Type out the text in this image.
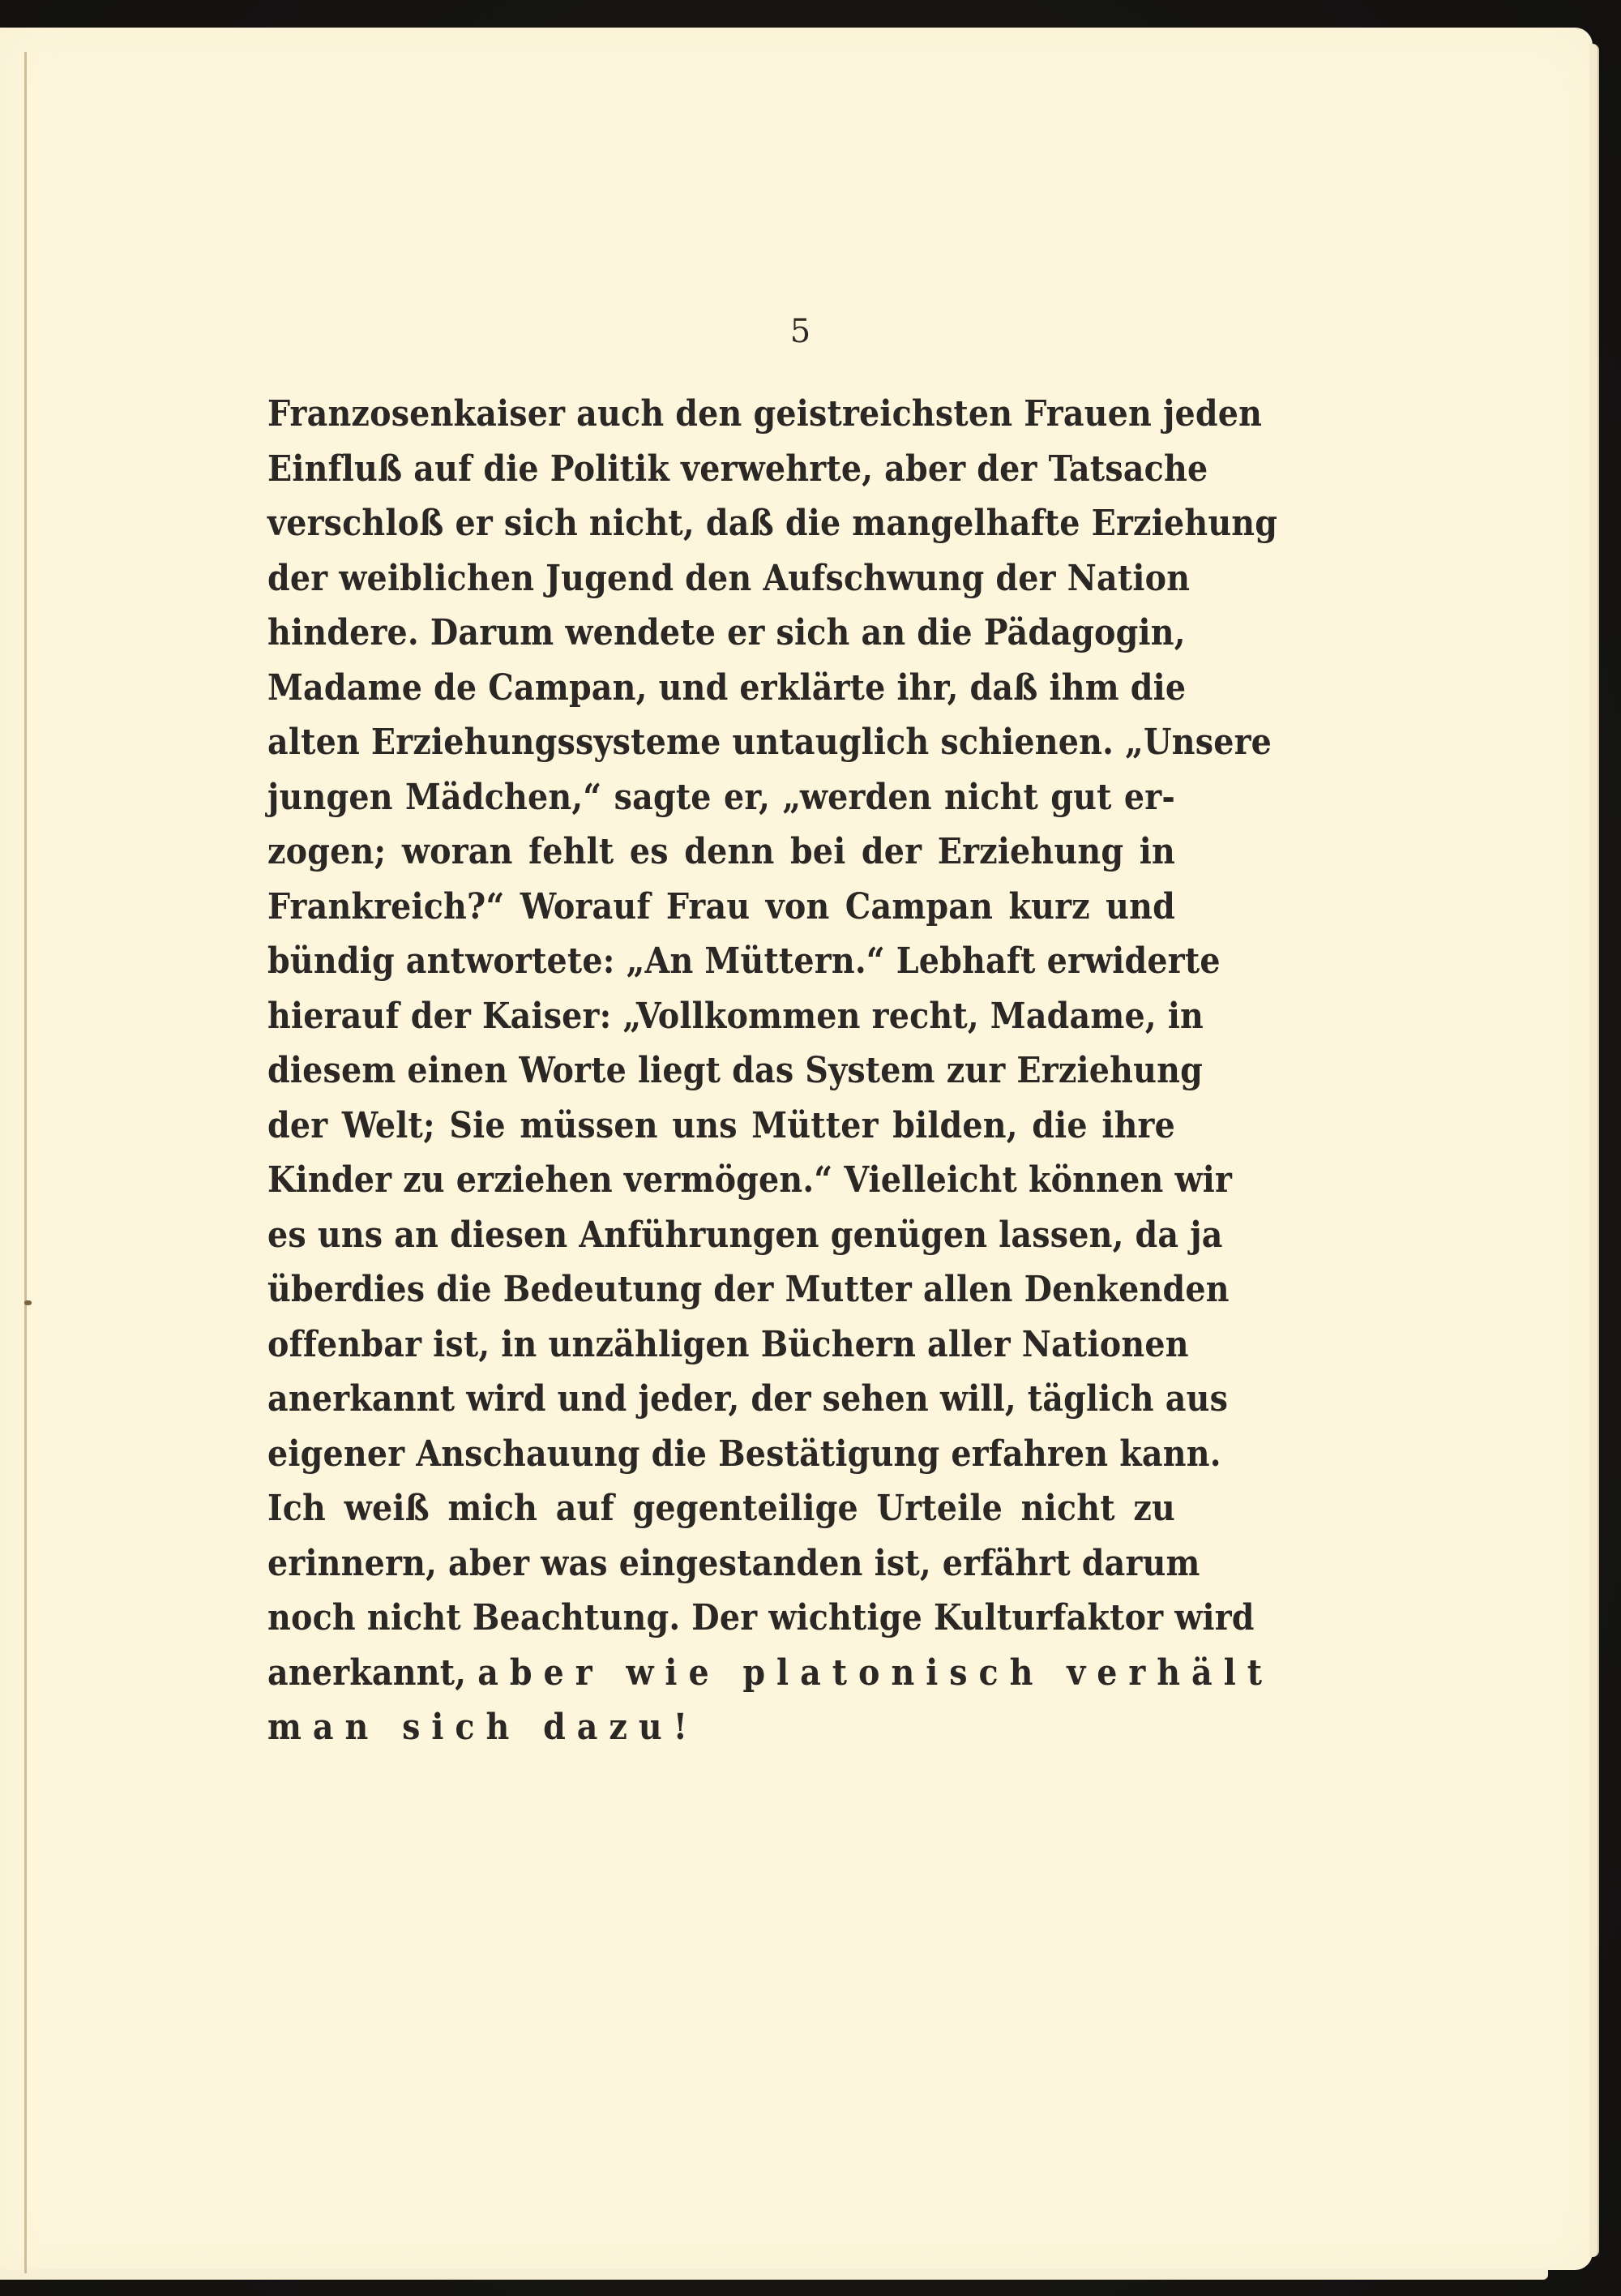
5
Franzosenkaiser auch den geistreichsten Frauen jeden
Einfluß auf die Politik verwehrte, aber der Tatsache
verschloß er sich nicht, daß die mangelhafte Erziehung
der weiblichen Jugend den Aufschwung der Nation
hindere. Darum wendete er sich an die Pädagogin,
Madame de Campan, und erklärte ihr, daß ihm die
alten Erziehungssysteme untauglich schienen. „Unsere
jungen Mädchen,“ sagte er, „werden nicht gut er-
zogen; woran fehlt es denn bei der Erziehung in
Frankreich?“ Worauf Frau von Campan kurz und
bündig antwortete: „An Müttern.“ Lebhaft erwiderte
hierauf der Kaiser: „Vollkommen recht, Madame, in
diesem einen Worte liegt das System zur Erziehung
der Welt; Sie müssen uns Mütter bilden, die ihre
Kinder zu erziehen vermögen.“ Vielleicht können wir
es uns an diesen Anführungen genügen lassen, da ja
überdies die Bedeutung der Mutter allen Denkenden
offenbar ist, in unzähligen Büchern aller Nationen
anerkannt wird und jeder, der sehen will, täglich aus
eigener Anschauung die Bestätigung erfahren kann.
Ich weiß mich auf gegenteilige Urteile nicht zu
erinnern, aber was eingestanden ist, erfährt darum
noch nicht Beachtung. Der wichtige Kulturfaktor wird
anerkannt, aber wie platonisch verhält
man sich dazu!
